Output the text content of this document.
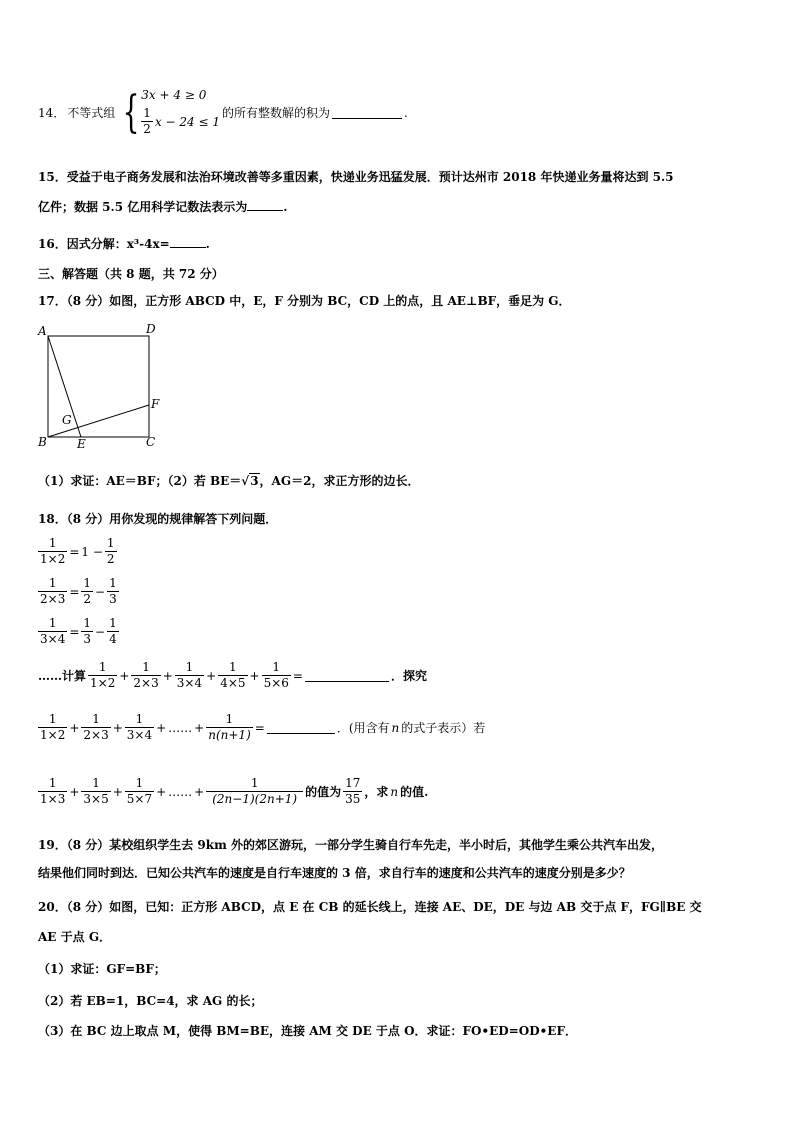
14． 不等式组 { 3x + 4 ≥ 0
$\frac{1}{2}$ x − 24 ≤ 1
的所有整数解的积为	.
15．受益于电子商务发展和法治环境改善等多重因素，快递业务迅猛发展．预计达州市 2018 年快递业务量将达到 5.5
亿件；数据 5.5 亿用科学记数法表示为	.
16．因式分解：x³-4x=	.
三、解答题（共 8 题，共 72 分）
17．（8 分）如图，正方形 ABCD 中，E，F 分别为 BC，CD 上的点，且 AE⊥BF，垂足为 G．
A	D
F
G
B	E	C
（1）求证：AE＝BF；（2）若 BE＝√3，AG＝2，求正方形的边长．
18．（8 分）用你发现的规律解答下列问题．
$\frac{1}{1\times 2} = 1 - \frac{1}{2}$
$\frac{1}{2\times 3} = \frac{1}{2} - \frac{1}{3}$
$\frac{1}{3\times 4} = \frac{1}{3} - \frac{1}{4}$
……计算 $\frac{1}{1\times 2} + \frac{1}{2\times 3} + \frac{1}{3\times 4} + \frac{1}{4\times 5} + \frac{1}{5\times 6}$ =	．探究
$\frac{1}{1\times 2} + \frac{1}{2\times 3} + \frac{1}{3\times 4}$ + …… + $\frac{1}{n(n+1)}$ =	．(用含有 n 的式子表示）若
$\frac{1}{1\times 3} + \frac{1}{3\times 5} + \frac{1}{5\times 7}$ + …… + $\frac{1}{(2n-1)(2n+1)}$ 的值为 $\frac{17}{35}$ ，求 n 的值.
19．（8 分）某校组织学生去 9km 外的郊区游玩，一部分学生骑自行车先走，半小时后，其他学生乘公共汽车出发，
结果他们同时到达．已知公共汽车的速度是自行车速度的 3 倍，求自行车的速度和公共汽车的速度分别是多少？
20．（8 分）如图，已知：正方形 ABCD，点 E 在 CB 的延长线上，连接 AE、DE，DE 与边 AB 交于点 F，FG∥BE 交
AE 于点 G．
（1）求证：GF=BF；
（2）若 EB=1，BC=4，求 AG 的长；
（3）在 BC 边上取点 M，使得 BM=BE，连接 AM 交 DE 于点 O．求证：FO•ED=OD•EF．
